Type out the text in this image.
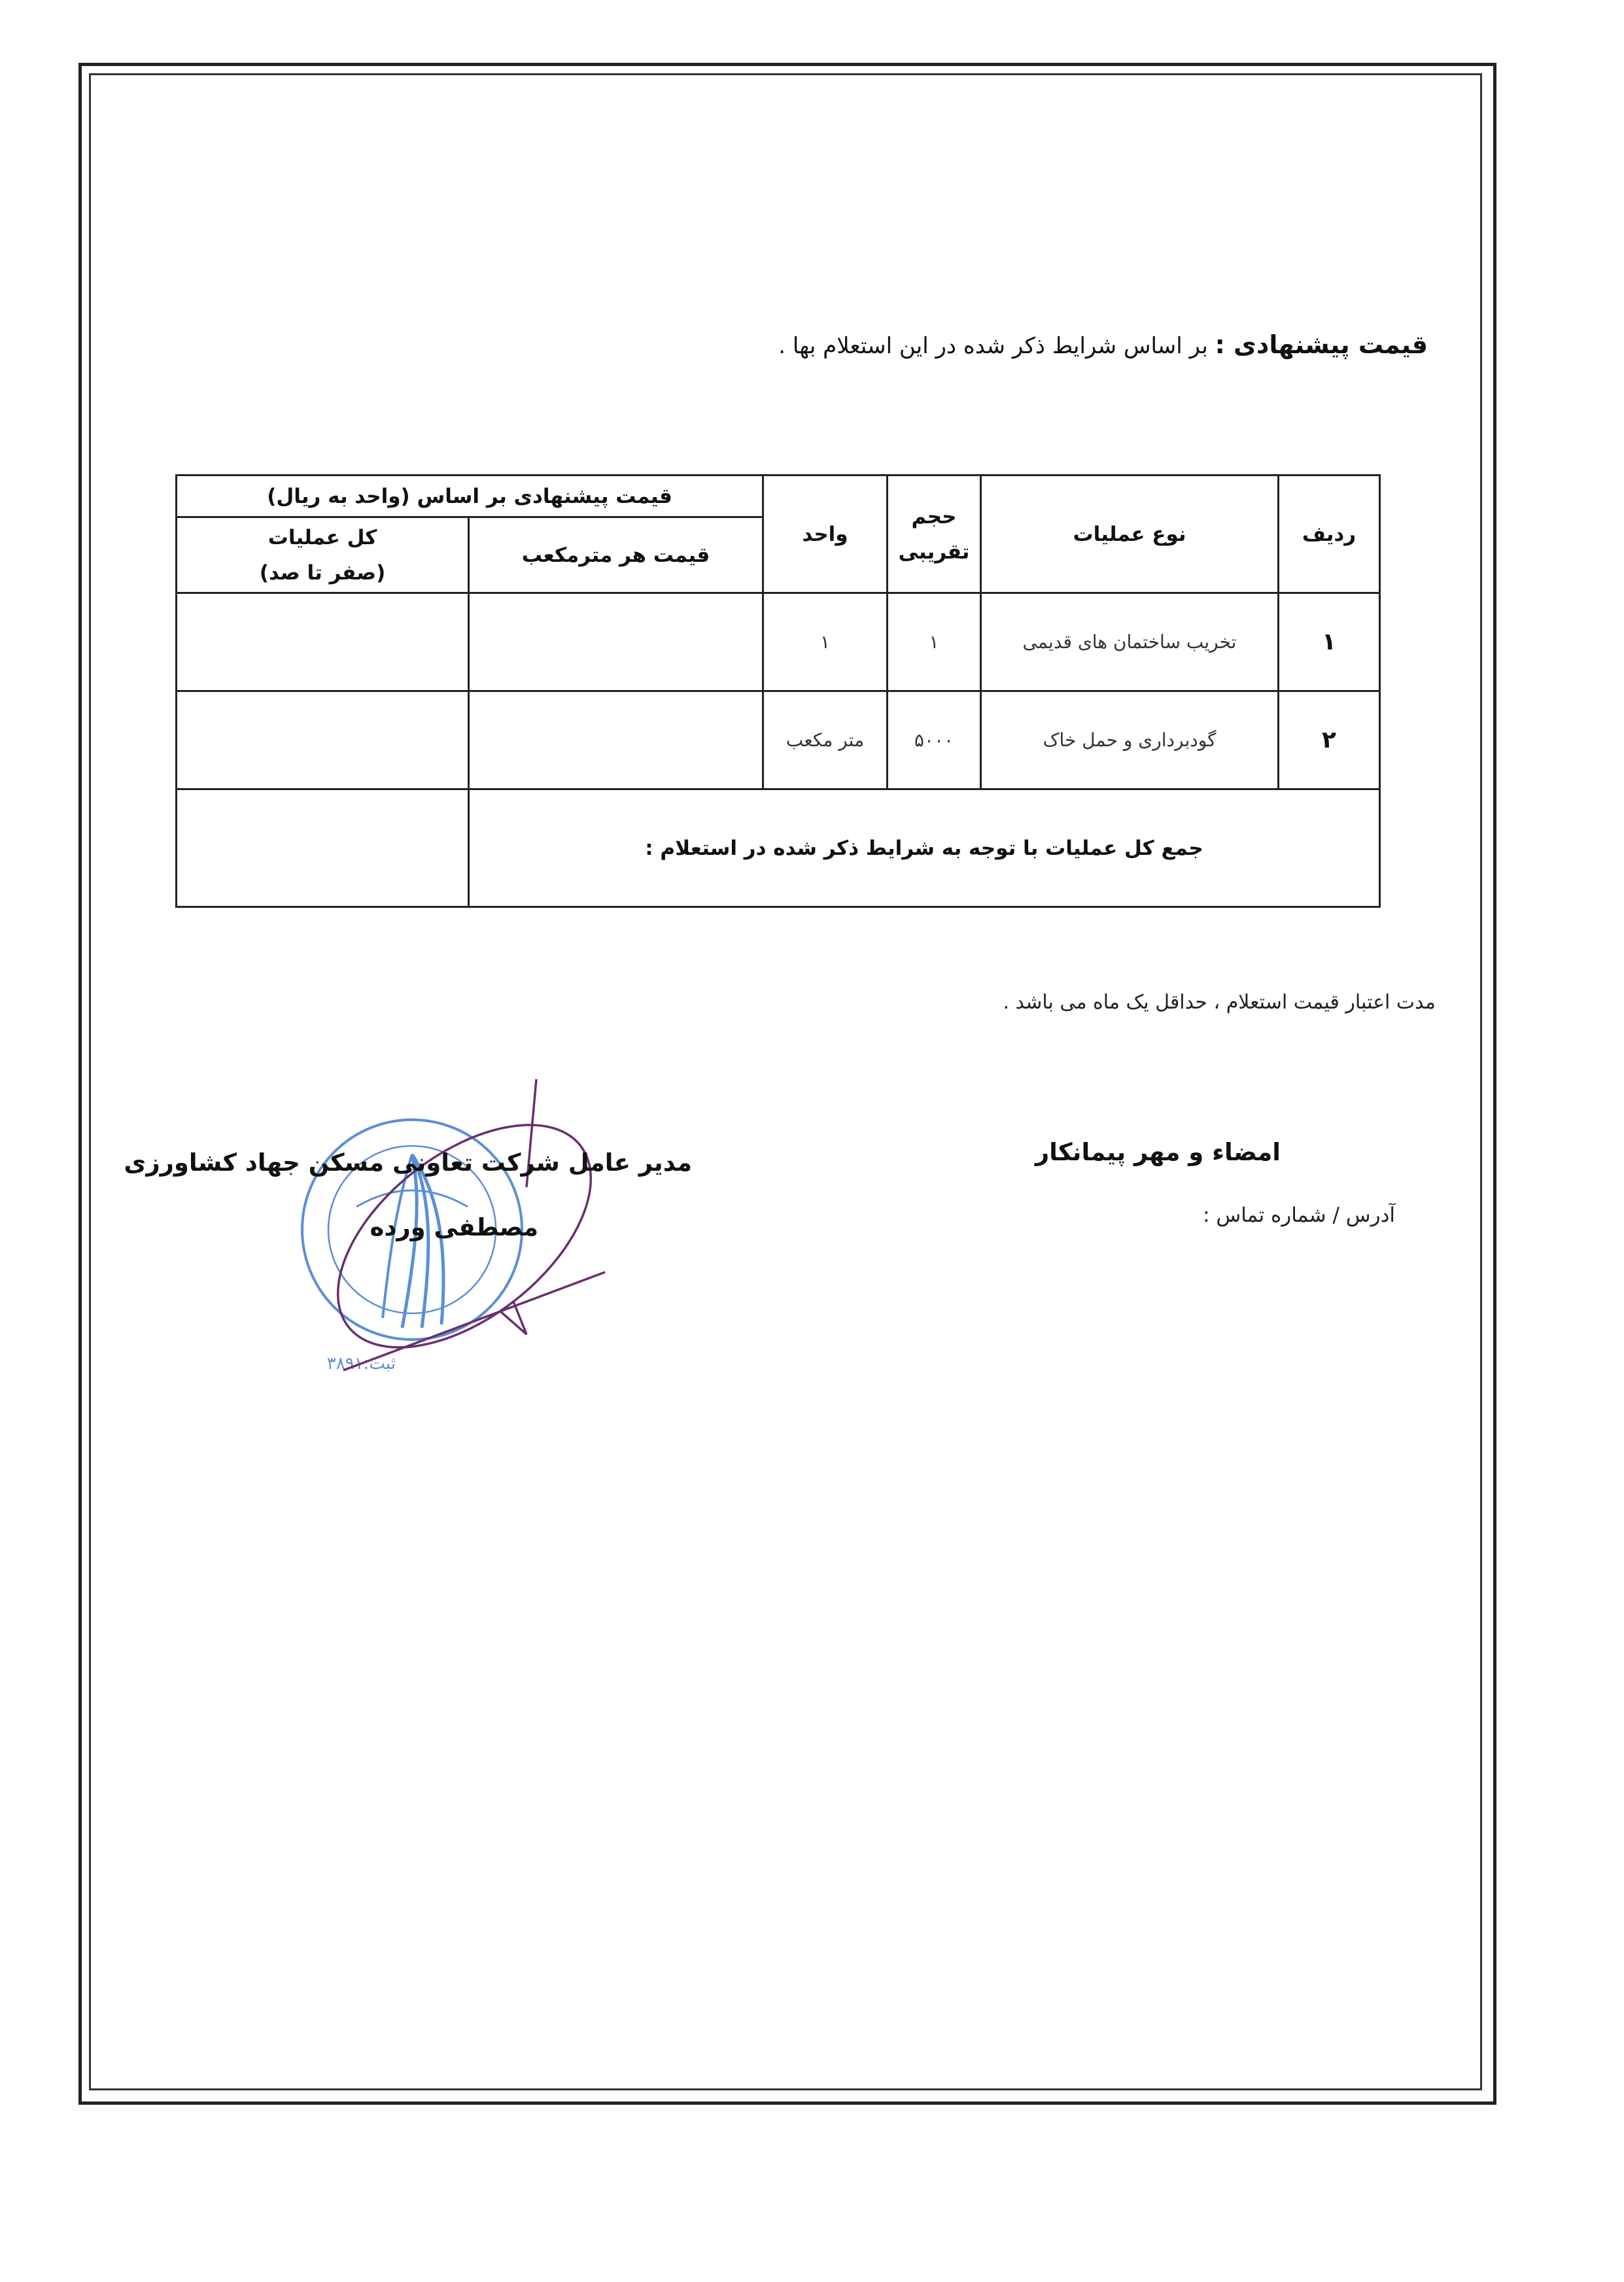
قیمت پیشنهادی : بر اساس شرایط ذکر شده در این استعلام بها .
ردیف	نوع عملیات	حجم تقریبی	واحد	قیمت پیشنهادی بر اساس (واحد به ریال)	
				قیمت هر مترمکعب	کل عملیات
(صفر تا صد)

۱	تخریب ساختمان های قدیمی	۱	۱		
۲	گودبرداری و حمل خاک	۵۰۰۰	متر مکعب		
جمع کل عملیات با توجه به شرایط ذکر شده در استعلام :					
مدت اعتبار قیمت استعلام ، حداقل یک ماه می باشد .
امضاء و مهر پیمانکار
آدرس / شماره تماس :
ثبت:۳۸۹۱
مدیر عامل شرکت تعاونی مسکن جهاد کشاورزی
مصطفی ورده
